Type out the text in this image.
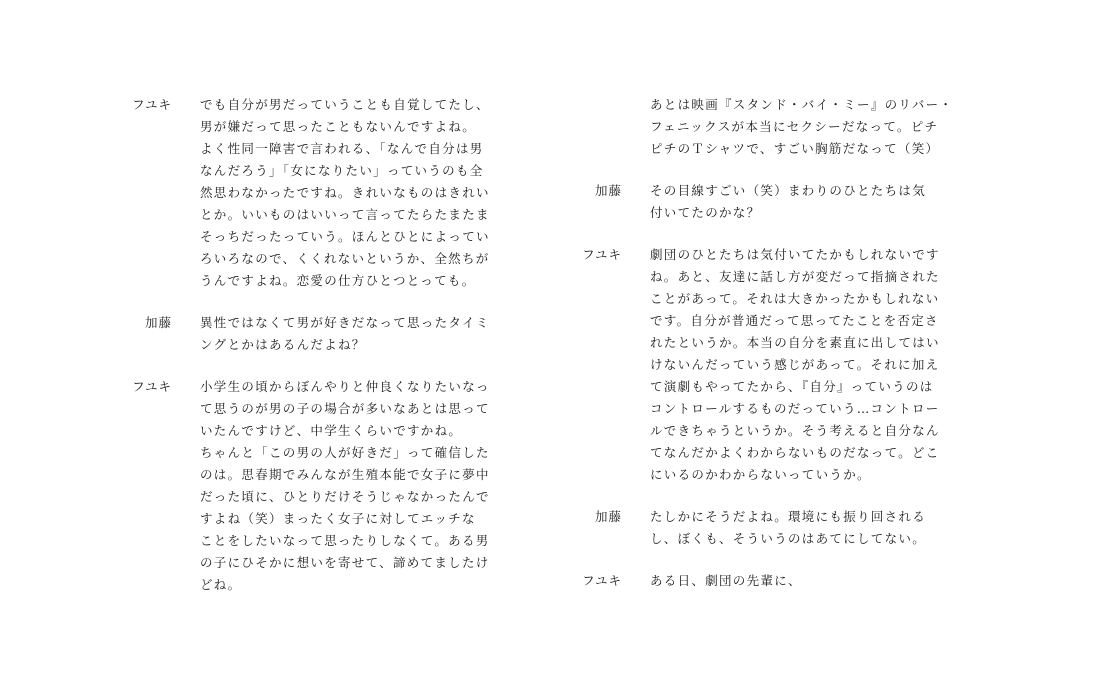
フユキ でも自分が男だっていうことも自覚してたし、
男が嫌だって思ったこともないんですよね。
よく性同一障害で言われる、「なんで自分は男
なんだろう」「女になりたい」っていうのも全
然思わなかったですね。きれいなものはきれい
とか。いいものはいいって言ってたらたまたま
そっちだったっていう。ほんとひとによってい
ろいろなので、くくれないというか、全然ちが
うんですよね。恋愛の仕方ひとつとっても。
加藤 異性ではなくて男が好きだなって思ったタイミ
ングとかはあるんだよね？
フユキ 小学生の頃からぼんやりと仲良くなりたいなっ
て思うのが男の子の場合が多いなあとは思って
いたんですけど、中学生くらいですかね。
ちゃんと「この男の人が好きだ」って確信した
のは。思春期でみんなが生殖本能で女子に夢中
だった頃に、ひとりだけそうじゃなかったんで
すよね（笑）まったく女子に対してエッチな
ことをしたいなって思ったりしなくて。ある男
の子にひそかに想いを寄せて、諦めてましたけ
どね。
あとは映画『スタンド・バイ・ミー』のリバー・
フェニックスが本当にセクシーだなって。ピチ
ピチのＴシャツで、すごい胸筋だなって（笑）
加藤 その目線すごい（笑）まわりのひとたちは気
付いてたのかな？
フユキ 劇団のひとたちは気付いてたかもしれないです
ね。あと、友達に話し方が変だって指摘された
ことがあって。それは大きかったかもしれない
です。自分が普通だって思ってたことを否定さ
れたというか。本当の自分を素直に出してはい
けないんだっていう感じがあって。それに加え
て演劇もやってたから、『自分』っていうのは
コントロールするものだっていう…コントロー
ルできちゃうというか。そう考えると自分なん
てなんだかよくわからないものだなって。どこ
にいるのかわからないっていうか。
加藤 たしかにそうだよね。環境にも振り回される
し、ぼくも、そういうのはあてにしてない。
フユキ ある日、劇団の先輩に、
